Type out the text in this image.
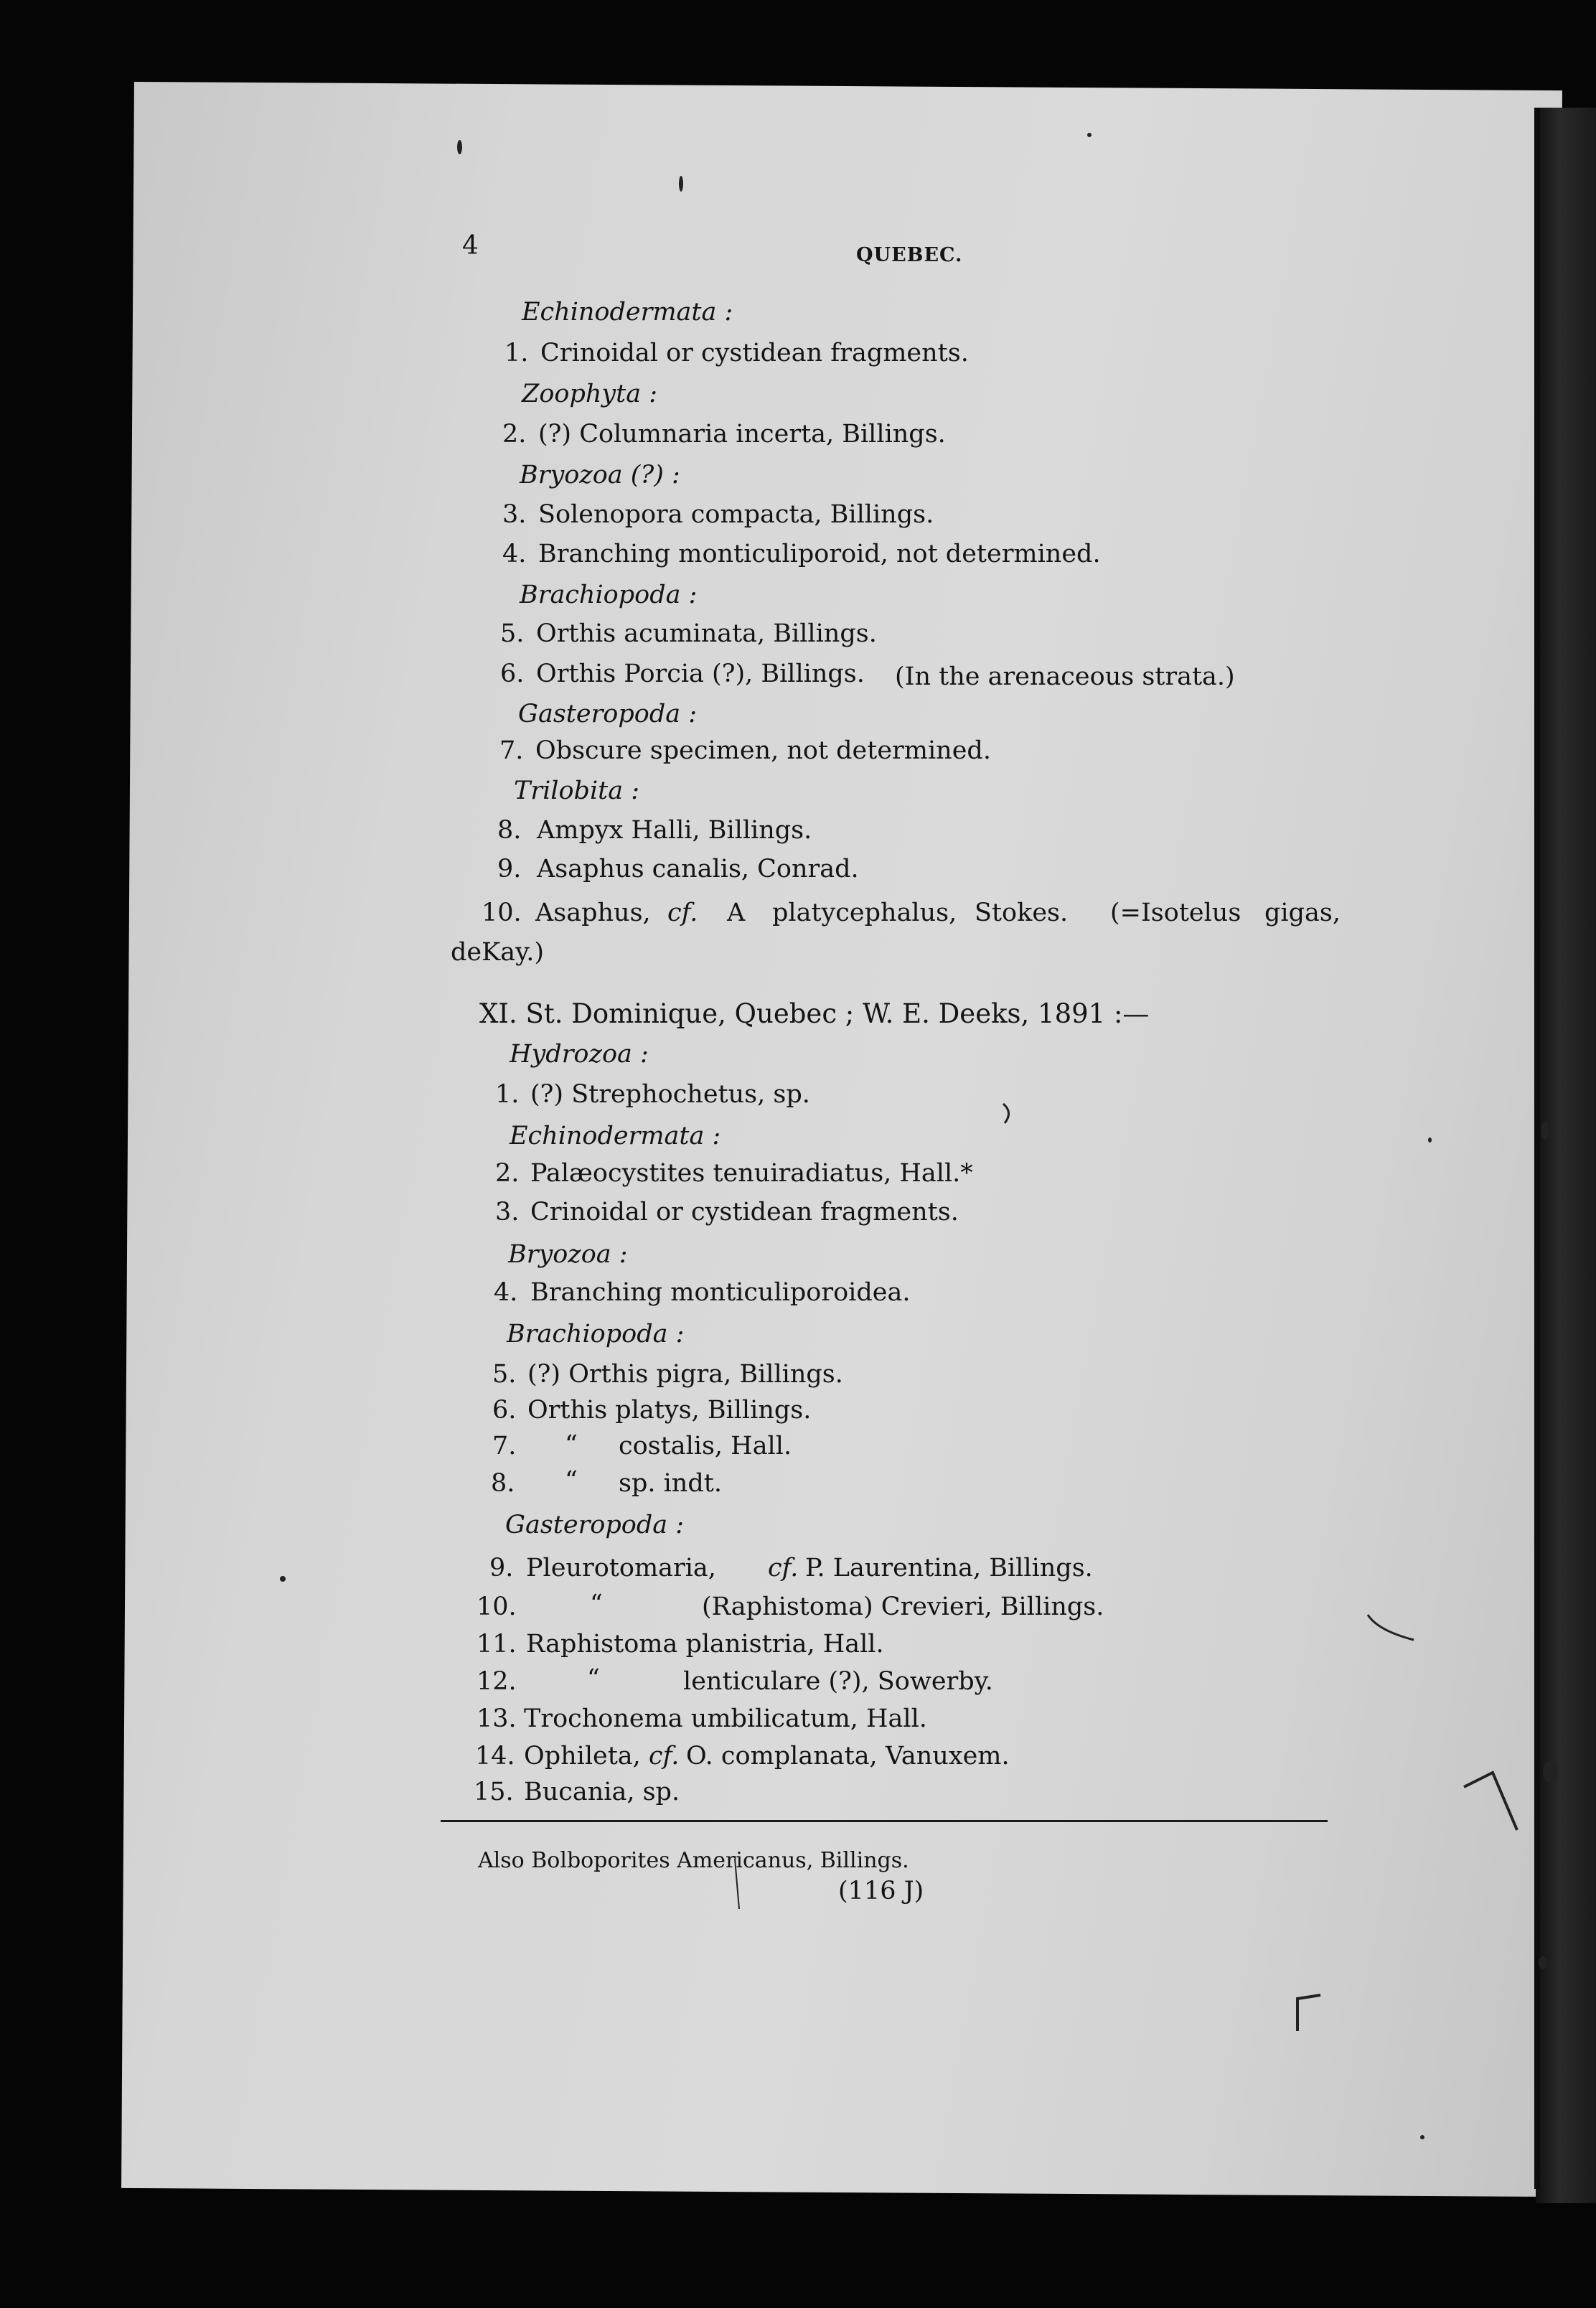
4	QUEBEC.
Echinodermata :
1. Crinoidal or cystidean fragments.
Zoophyta :
2. (?) Columnaria incerta, Billings.
Bryozoa (?) :
3. Solenopora compacta, Billings.
4. Branching monticuliporoid, not determined.
Brachiopoda :
5. Orthis acuminata, Billings.
6. Orthis Porcia (?), Billings. (In the arenaceous strata.)
Gasteropoda :
7. Obscure specimen, not determined.
Trilobita :
8. Ampyx Halli, Billings.
9. Asaphus canalis, Conrad.
10. Asaphus, cf. A platycephalus, Stokes. (=Isotelus gigas,
deKay.)
XI. St. Dominique, Quebec ; W. E. Deeks, 1891 :—
Hydrozoa :
1. (?) Strephochetus, sp.
Echinodermata :
2. Palæocystites tenuiradiatus, Hall.*
3. Crinoidal or cystidean fragments.
Bryozoa :
4. Branching monticuliporoidea.
Brachiopoda :
5. (?) Orthis pigra, Billings.
6. Orthis platys, Billings.
7. “ costalis, Hall.
8. “ sp. indt.
Gasteropoda :
9. Pleurotomaria, cf. P. Laurentina, Billings.
10.	“	(Raphistoma) Crevieri, Billings.
11. Raphistoma planistria, Hall.
12.	“	lenticulare (?), Sowerby.
13. Trochonema umbilicatum, Hall.
14. Ophileta, cf. O. complanata, Vanuxem.
15. Bucania, sp.
Also Bolboporites Americanus, Billings.
(116 J)
